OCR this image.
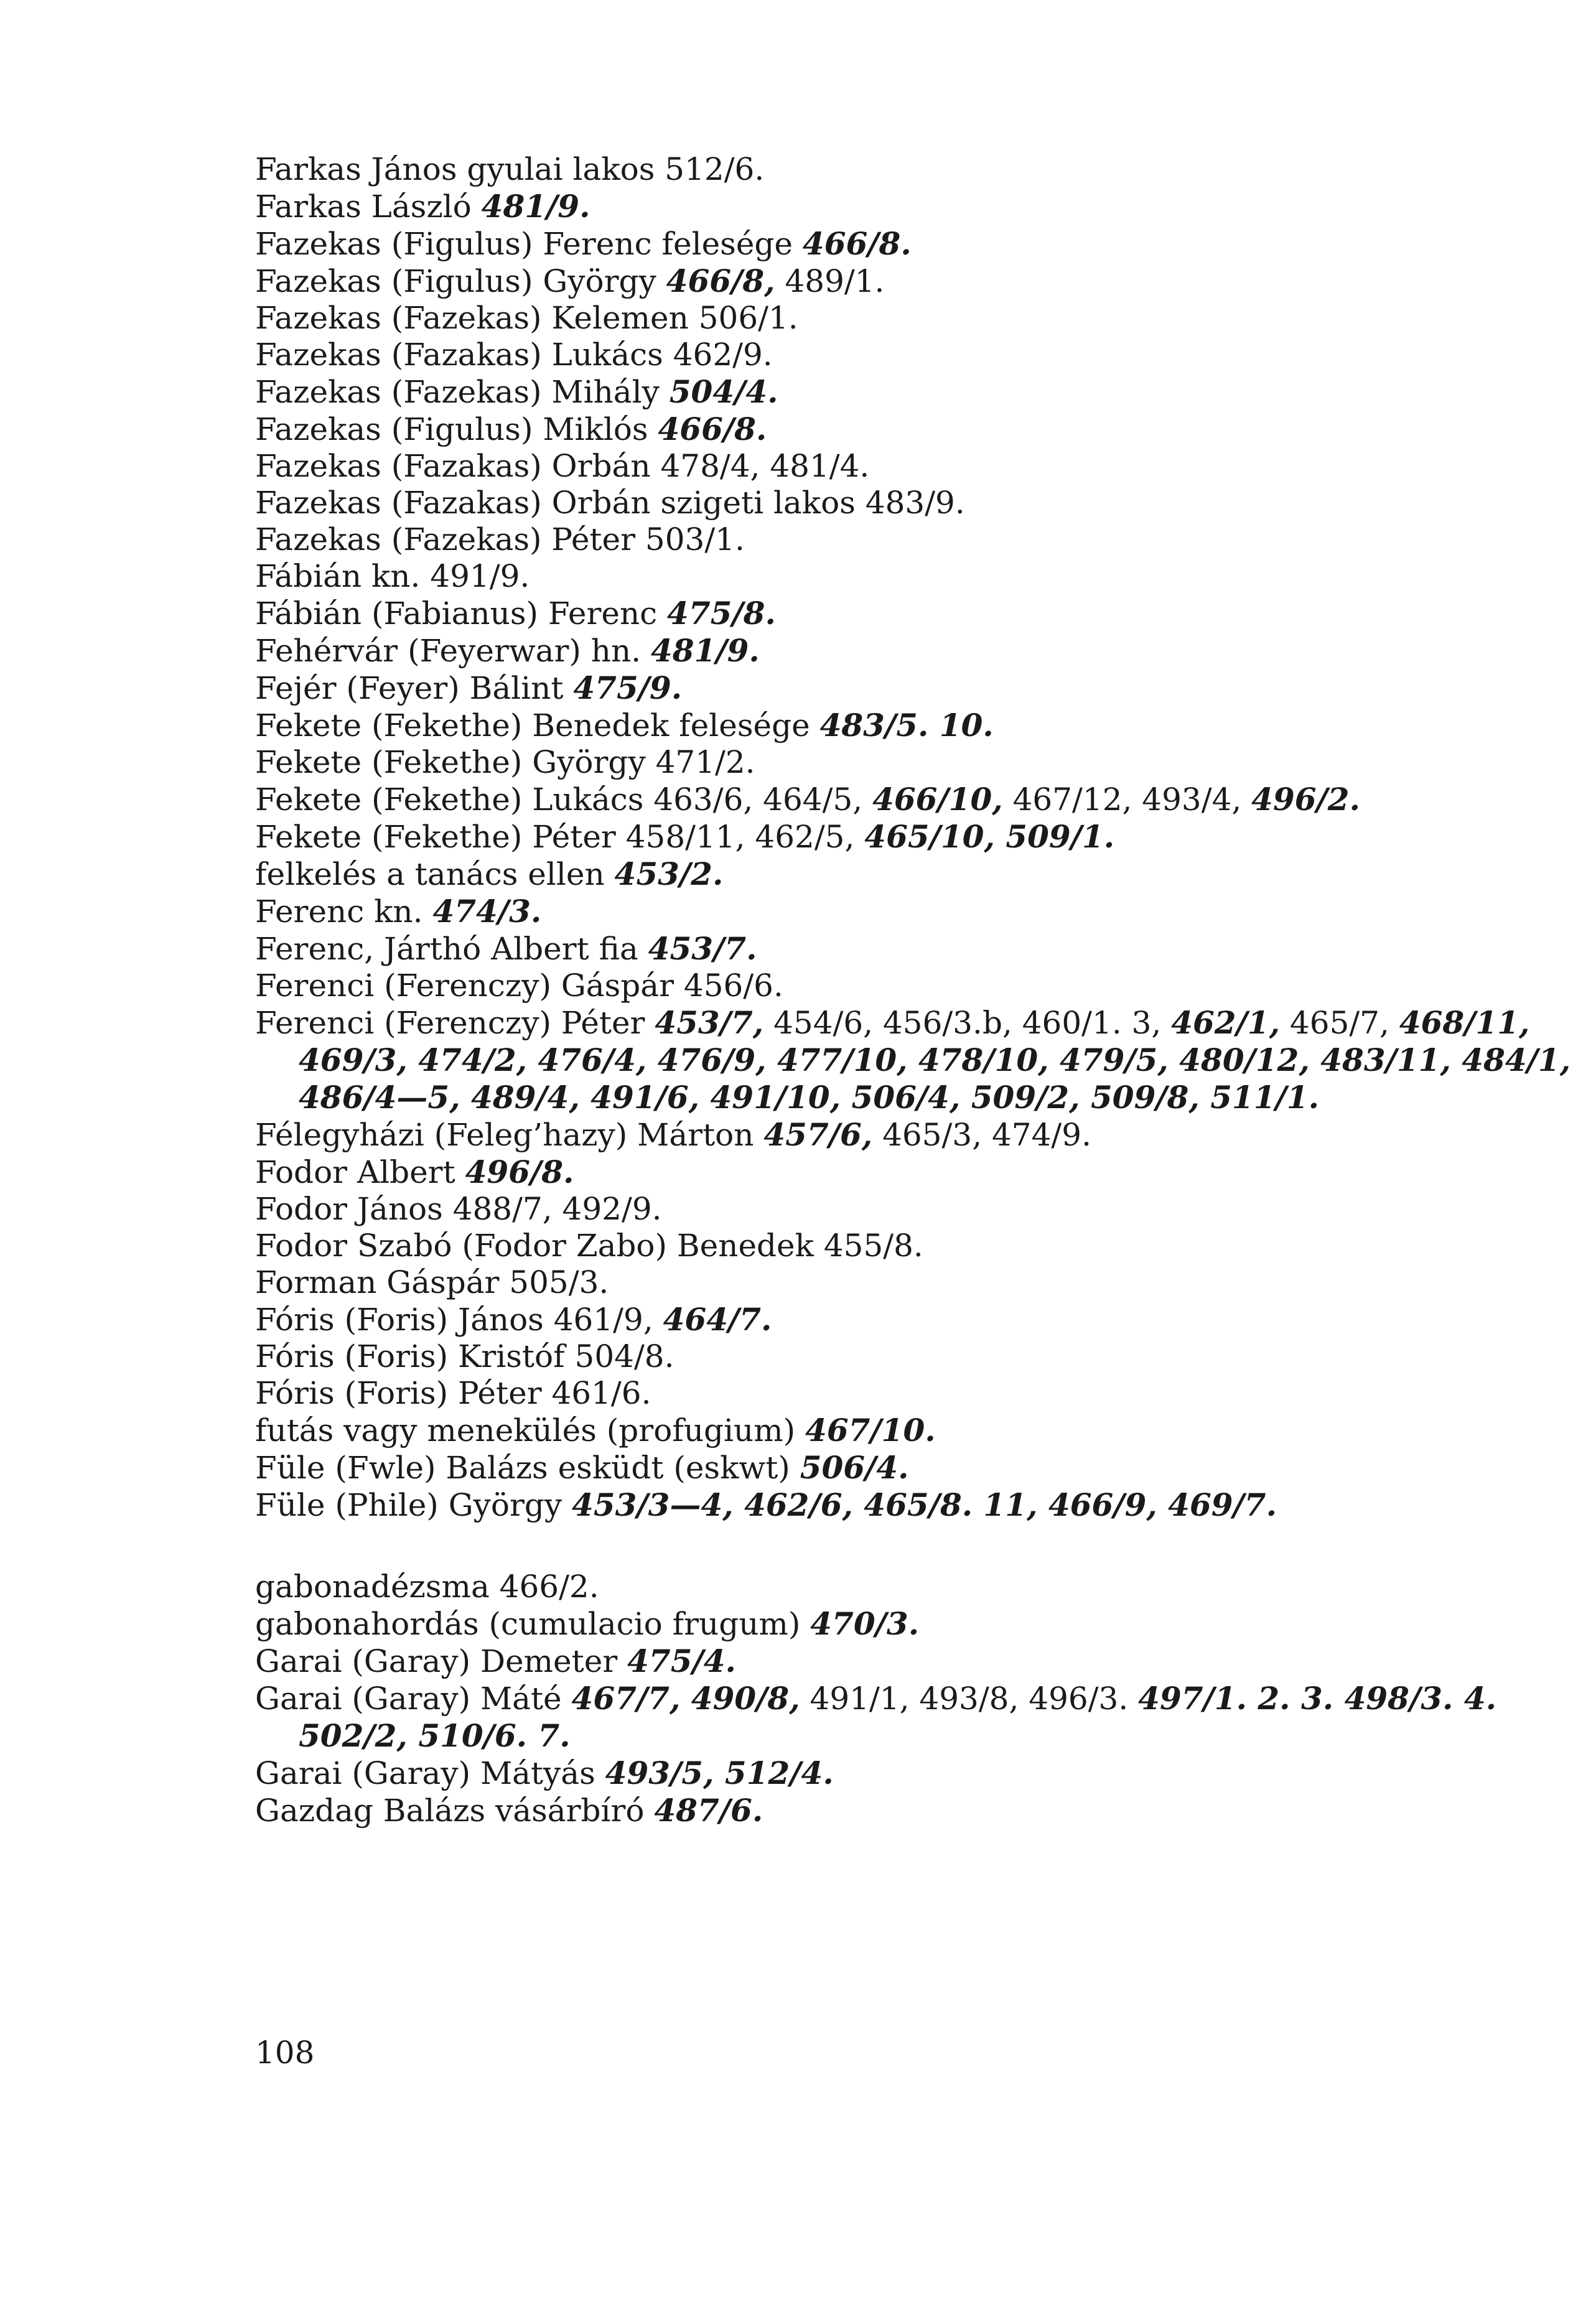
Farkas János gyulai lakos 512/6.
Farkas László 481/9.
Fazekas (Figulus) Ferenc felesége 466/8.
Fazekas (Figulus) György 466/8, 489/1.
Fazekas (Fazekas) Kelemen 506/1.
Fazekas (Fazakas) Lukács 462/9.
Fazekas (Fazekas) Mihály 504/4.
Fazekas (Figulus) Miklós 466/8.
Fazekas (Fazakas) Orbán 478/4, 481/4.
Fazekas (Fazakas) Orbán szigeti lakos 483/9.
Fazekas (Fazekas) Péter 503/1.
Fábián kn. 491/9.
Fábián (Fabianus) Ferenc 475/8.
Fehérvár (Feyerwar) hn. 481/9.
Fejér (Feyer) Bálint 475/9.
Fekete (Fekethe) Benedek felesége 483/5. 10.
Fekete (Fekethe) György 471/2.
Fekete (Fekethe) Lukács 463/6, 464/5, 466/10, 467/12, 493/4, 496/2.
Fekete (Fekethe) Péter 458/11, 462/5, 465/10, 509/1.
felkelés a tanács ellen 453/2.
Ferenc kn. 474/3.
Ferenc, Járthó Albert fia 453/7.
Ferenci (Ferenczy) Gáspár 456/6.
Ferenci (Ferenczy) Péter 453/7, 454/6, 456/3.b, 460/1. 3, 462/1, 465/7, 468/11,
469/3, 474/2, 476/4, 476/9, 477/10, 478/10, 479/5, 480/12, 483/11, 484/1,
486/4—5, 489/4, 491/6, 491/10, 506/4, 509/2, 509/8, 511/1.
Félegyházi (Feleg’hazy) Márton 457/6, 465/3, 474/9.
Fodor Albert 496/8.
Fodor János 488/7, 492/9.
Fodor Szabó (Fodor Zabo) Benedek 455/8.
Forman Gáspár 505/3.
Fóris (Foris) János 461/9, 464/7.
Fóris (Foris) Kristóf 504/8.
Fóris (Foris) Péter 461/6.
futás vagy menekülés (profugium) 467/10.
Füle (Fwle) Balázs esküdt (eskwt) 506/4.
Füle (Phile) György 453/3—4, 462/6, 465/8. 11, 466/9, 469/7.
gabonadézsma 466/2.
gabonahordás (cumulacio frugum) 470/3.
Garai (Garay) Demeter 475/4.
Garai (Garay) Máté 467/7, 490/8, 491/1, 493/8, 496/3. 497/1. 2. 3. 498/3. 4.
502/2, 510/6. 7.
Garai (Garay) Mátyás 493/5, 512/4.
Gazdag Balázs vásárbíró 487/6.
108
